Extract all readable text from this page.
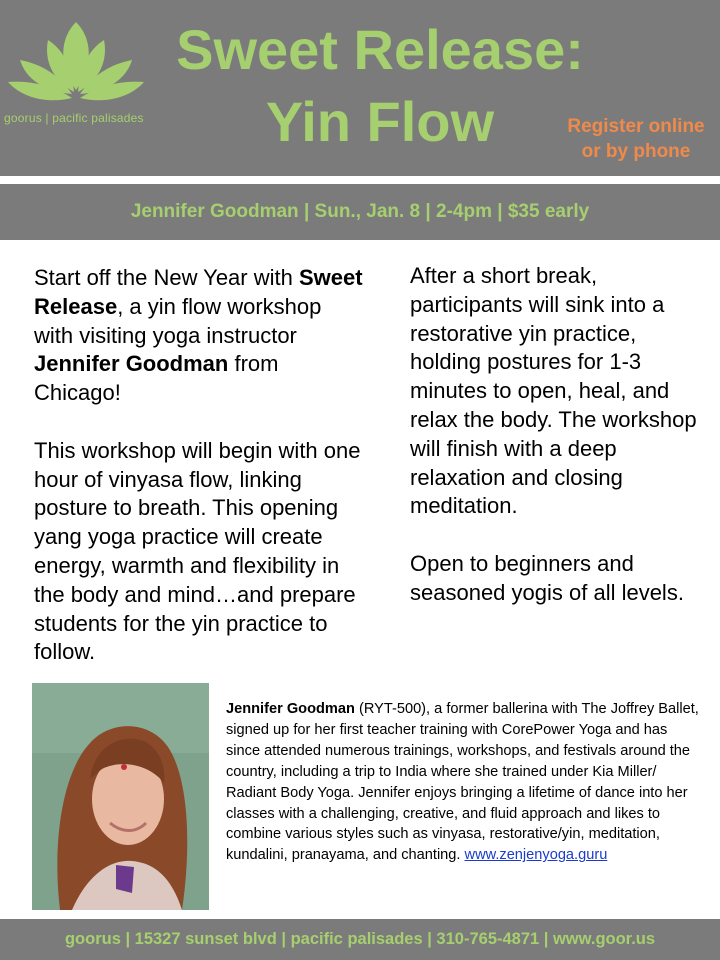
goorus | pacific palisades
Sweet Release:
Yin Flow	Register online
or by phone
Jennifer Goodman | Sun., Jan. 8 | 2-4pm | $35 early

Start off the New Year with Sweet Release, a yin flow workshop with visiting yoga instructor Jennifer Goodman from Chicago!

This workshop will begin with one hour of vinyasa flow, linking posture to breath. This opening yang yoga practice will create energy, warmth and flexibility in the body and mind…and prepare students for the yin practice to follow.

After a short break, participants will sink into a restorative yin practice, holding postures for 1-3 minutes to open, heal, and relax the body. The workshop will finish with a deep relaxation and closing meditation.

Open to beginners and seasoned yogis of all levels.

Jennifer Goodman (RYT-500), a former ballerina with The Joffrey Ballet, signed up for her first teacher training with CorePower Yoga and has since attended numerous trainings, workshops, and festivals around the country, including a trip to India where she trained under Kia Miller/ Radiant Body Yoga. Jennifer enjoys bringing a lifetime of dance into her classes with a challenging, creative, and fluid approach and likes to combine various styles such as vinyasa, restorative/yin, meditation, kundalini, pranayama, and chanting. www.zenjenyoga.guru
goorus | 15327 sunset blvd | pacific palisades | 310-765-4871 | www.goor.us
